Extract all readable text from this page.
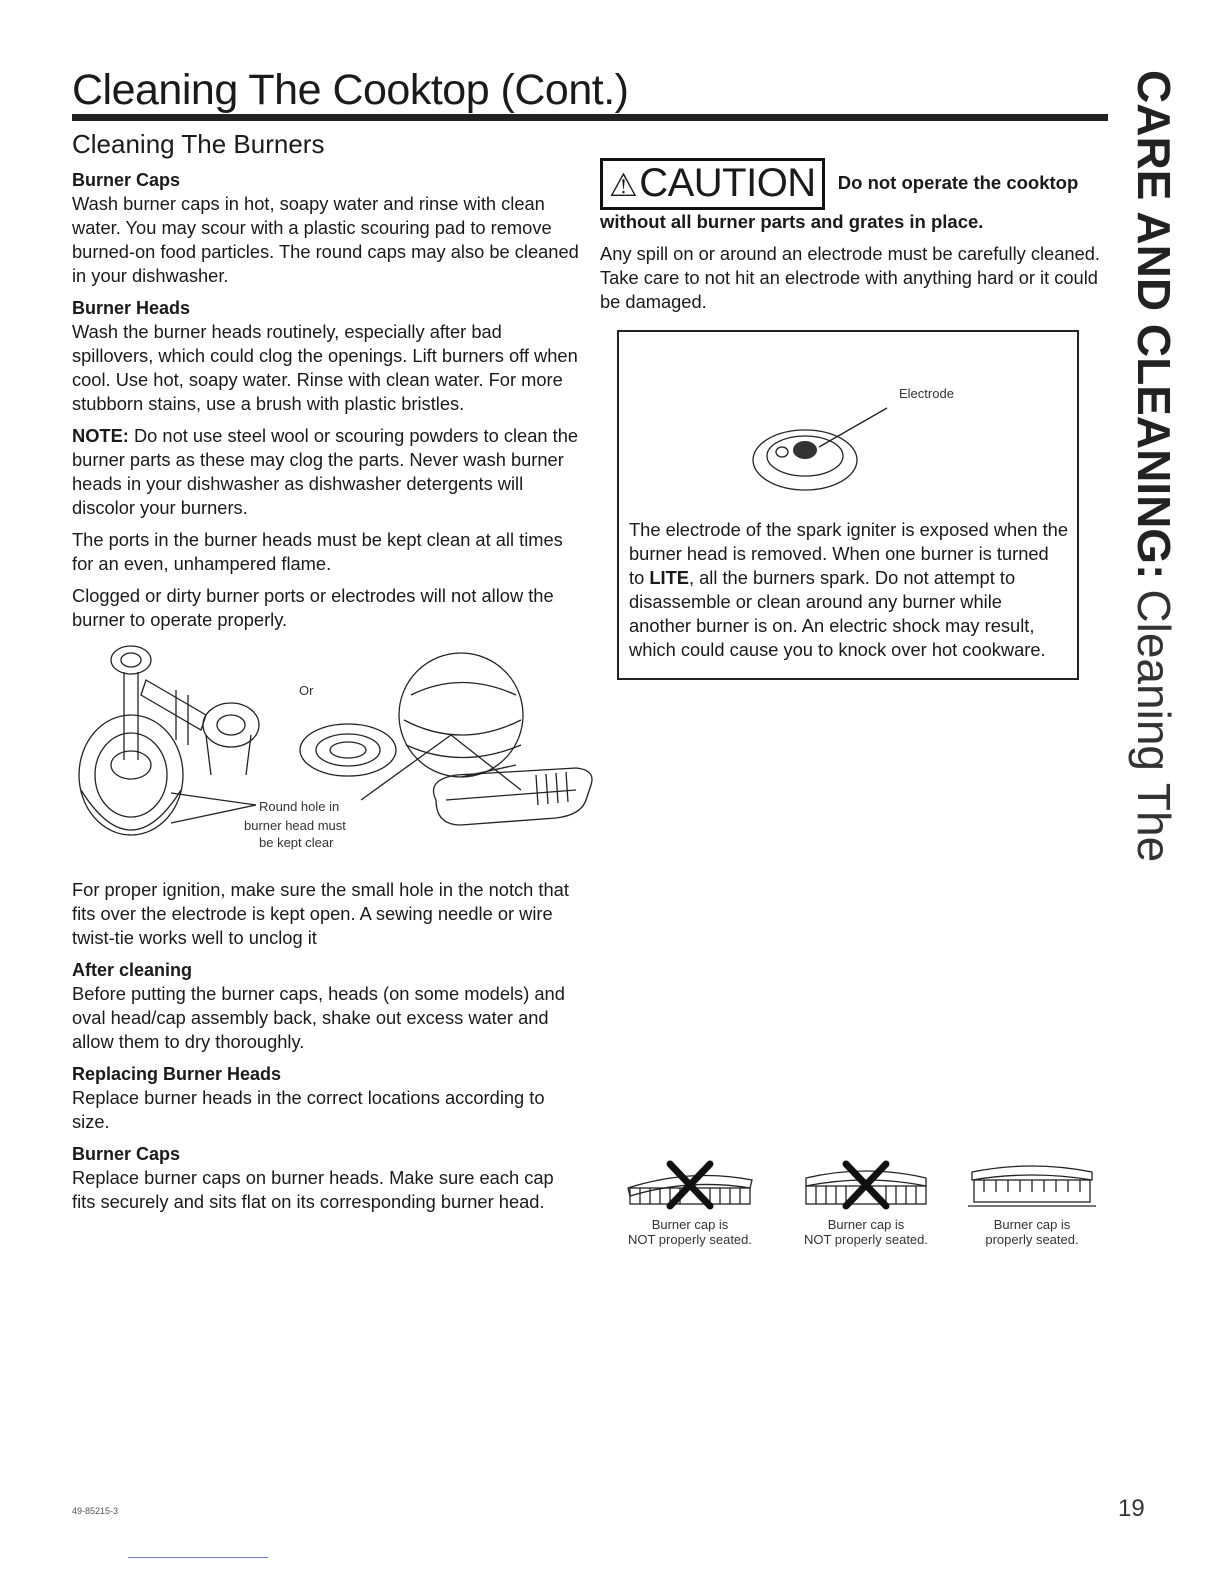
Cleaning The Cooktop (Cont.)
Cleaning The Burners
Burner Caps

Wash burner caps in hot, soapy water and rinse with clean water. You may scour with a plastic scouring pad to remove burned-on food particles. The round caps may also be cleaned in your dishwasher.

Burner Heads

Wash the burner heads routinely, especially after bad spillovers, which could clog the openings. Lift burners off when cool. Use hot, soapy water. Rinse with clean water. For more stubborn stains, use a brush with plastic bristles.

NOTE: Do not use steel wool or scouring powders to clean the burner parts as these may clog the parts. Never wash burner heads in your dishwasher as dishwasher detergents will discolor your burners.

The ports in the burner heads must be kept clean at all times for an even, unhampered flame.

Clogged or dirty burner ports or electrodes will not allow the burner to operate properly.

Or
Round hole in
burner head must
be kept clear

For proper ignition, make sure the small hole in the notch that fits over the electrode is kept open. A sewing needle or wire twist-tie works well to unclog it

After cleaning

Before putting the burner caps, heads (on some models) and oval head/cap assembly back, shake out excess water and allow them to dry thoroughly.

Replacing Burner Heads

Replace burner heads in the correct locations according to size.

Burner Caps

Replace burner caps on burner heads. Make sure each cap fits securely and sits flat on its corresponding burner head.

⚠CAUTION Do not operate the cooktop
without all burner parts and grates in place.

Any spill on or around an electrode must be carefully cleaned. Take care to not hit an electrode with anything hard or it could be damaged.

Electrode
The electrode of the spark igniter is exposed when the burner head is removed. When one burner is turned to LITE, all the burners spark. Do not attempt to disassemble or clean around any burner while another burner is on. An electric shock may result, which could cause you to knock over hot cookware.
Burner cap is
NOT properly seated.
Burner cap is
NOT properly seated.
Burner cap is
properly seated.
CARE AND CLEANING:Cleaning The Cooktop
49-85215-3	19
